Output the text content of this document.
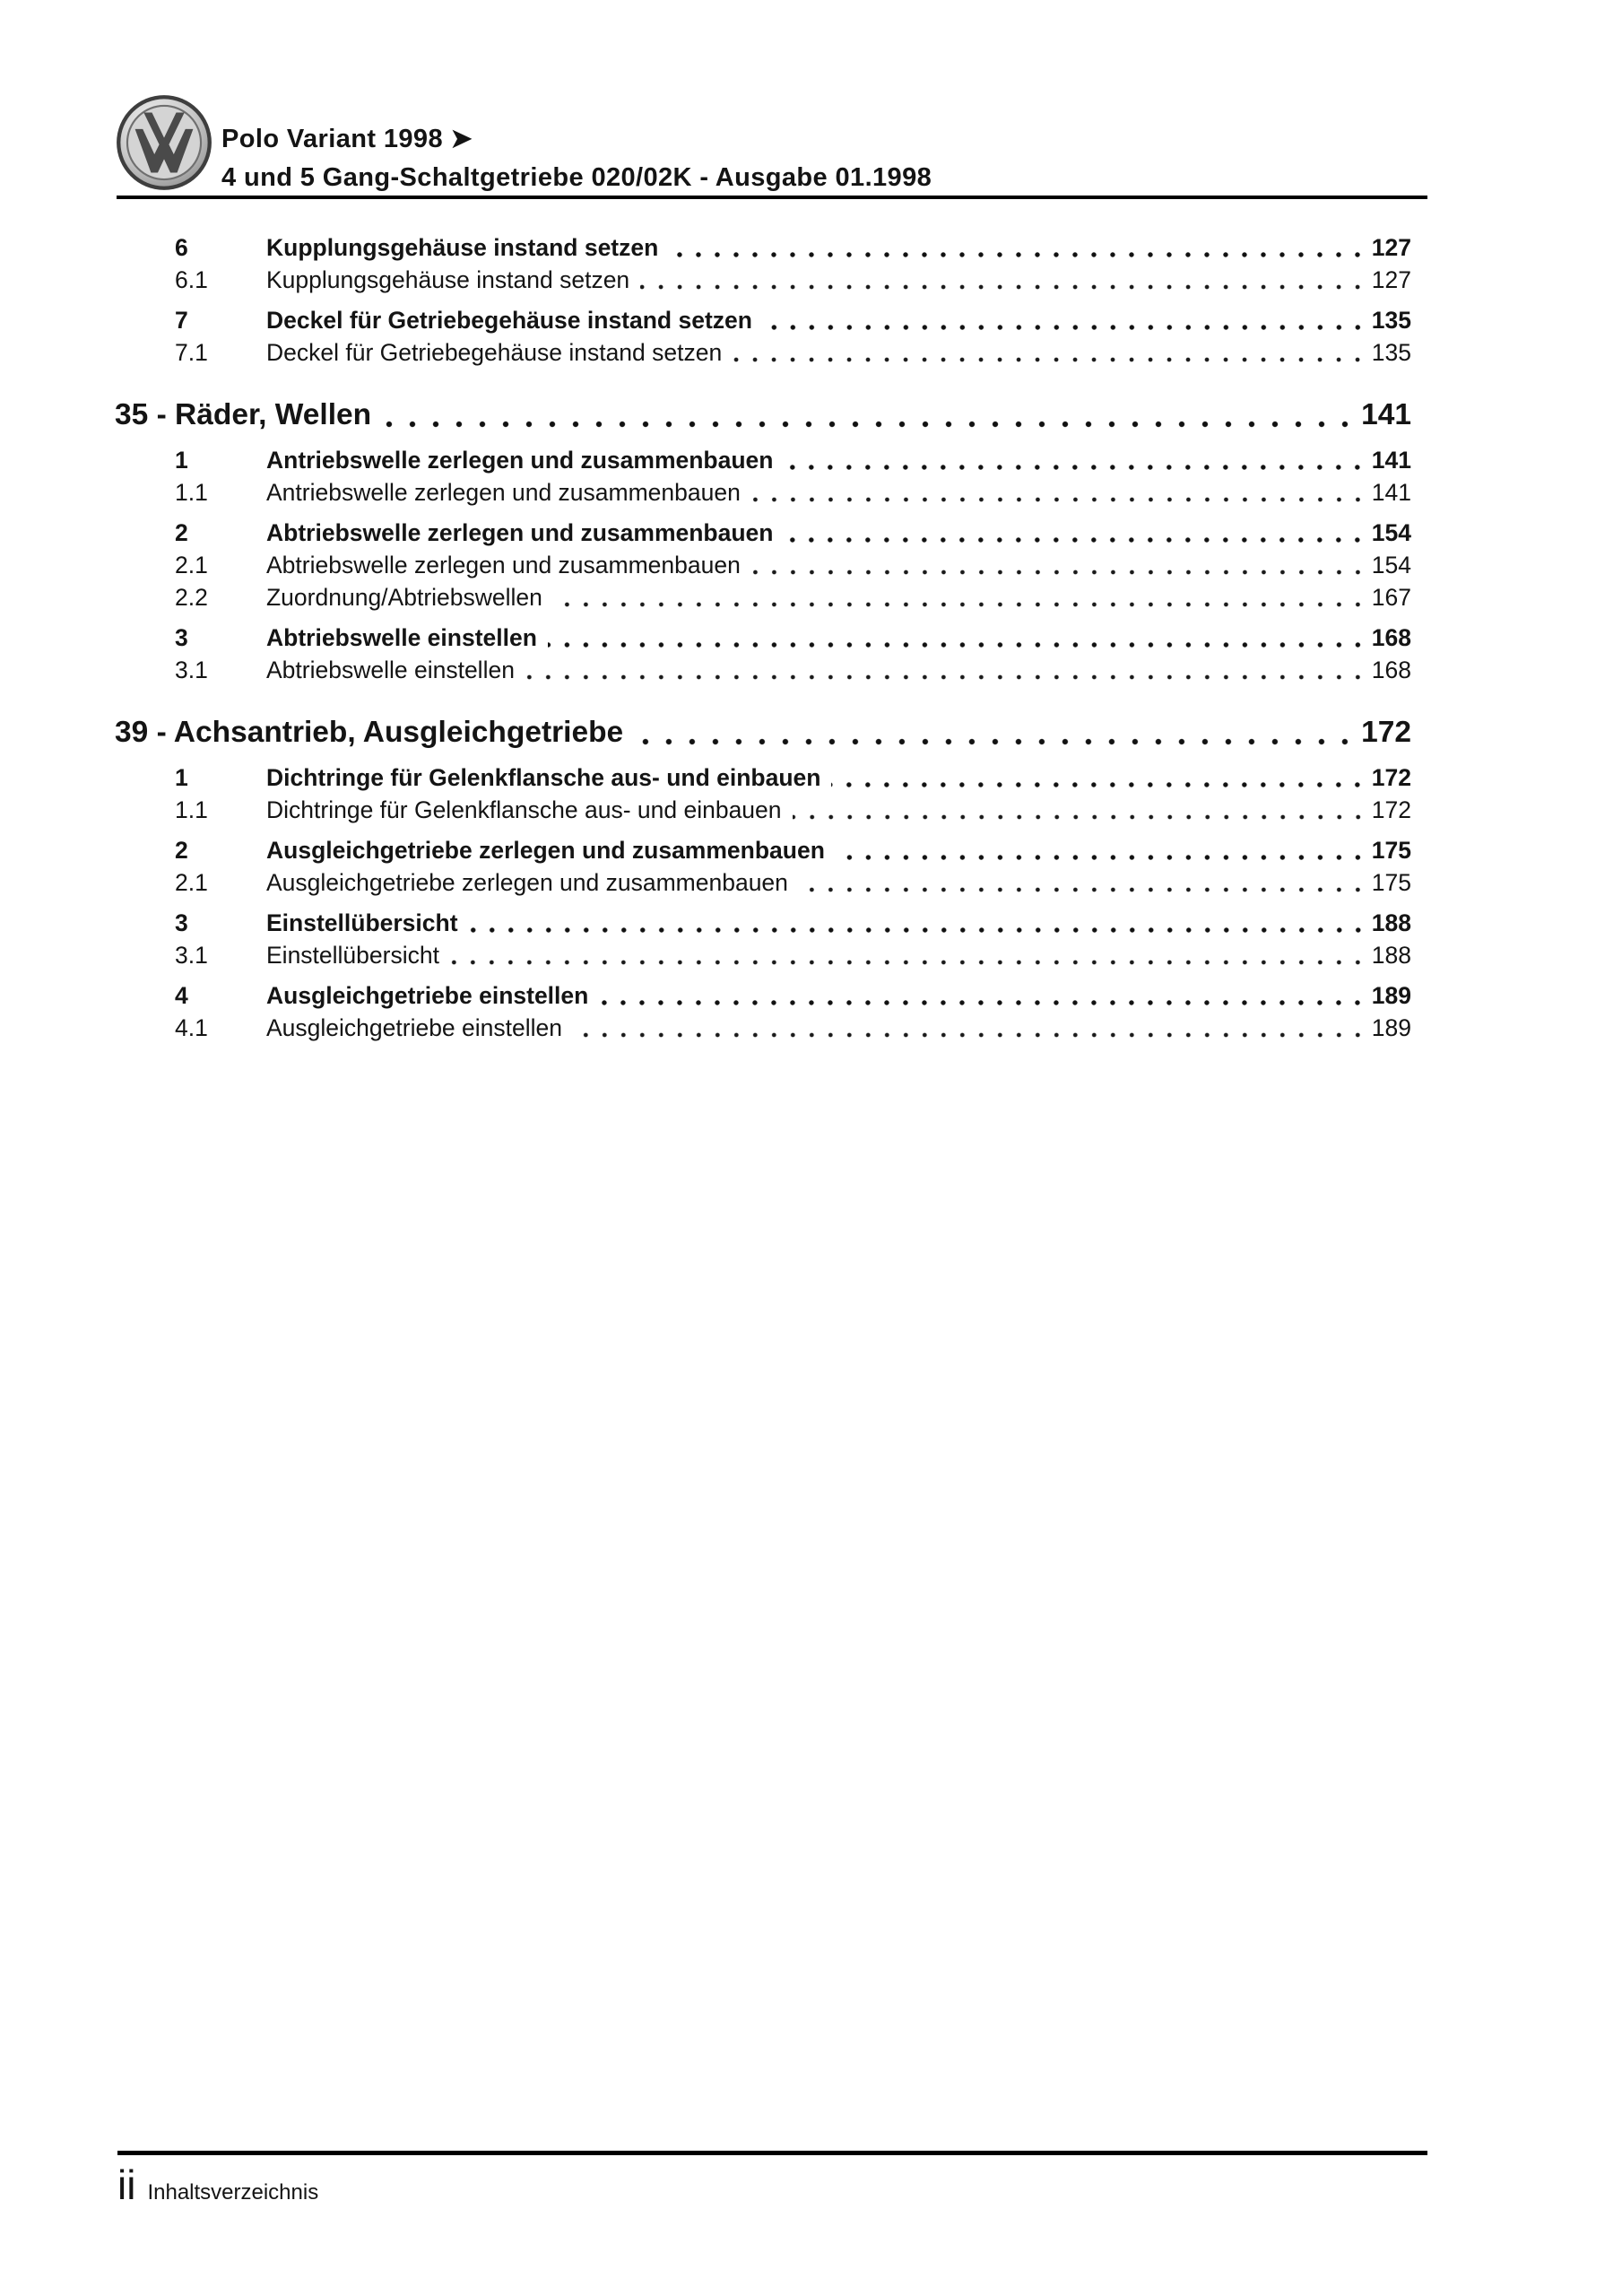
Polo Variant 1998 ➤
4 und 5 Gang-Schaltgetriebe 020/02K - Ausgabe 01.1998
6	Kupplungsgehäuse instand setzen	127
6.1	Kupplungsgehäuse instand setzen	127
7	Deckel für Getriebegehäuse instand setzen	135
7.1	Deckel für Getriebegehäuse instand setzen	135
35 - Räder, Wellen	141
1	Antriebswelle zerlegen und zusammenbauen	141
1.1	Antriebswelle zerlegen und zusammenbauen	141
2	Abtriebswelle zerlegen und zusammenbauen	154
2.1	Abtriebswelle zerlegen und zusammenbauen	154
2.2	Zuordnung/Abtriebswellen	167
3	Abtriebswelle einstellen	168
3.1	Abtriebswelle einstellen	168
39 - Achsantrieb, Ausgleichgetriebe	172
1	Dichtringe für Gelenkflansche aus- und einbauen	172
1.1	Dichtringe für Gelenkflansche aus- und einbauen	172
2	Ausgleichgetriebe zerlegen und zusammenbauen	175
2.1	Ausgleichgetriebe zerlegen und zusammenbauen	175
3	Einstellübersicht	188
3.1	Einstellübersicht	188
4	Ausgleichgetriebe einstellen	189
4.1	Ausgleichgetriebe einstellen	189
ii Inhaltsverzeichnis
